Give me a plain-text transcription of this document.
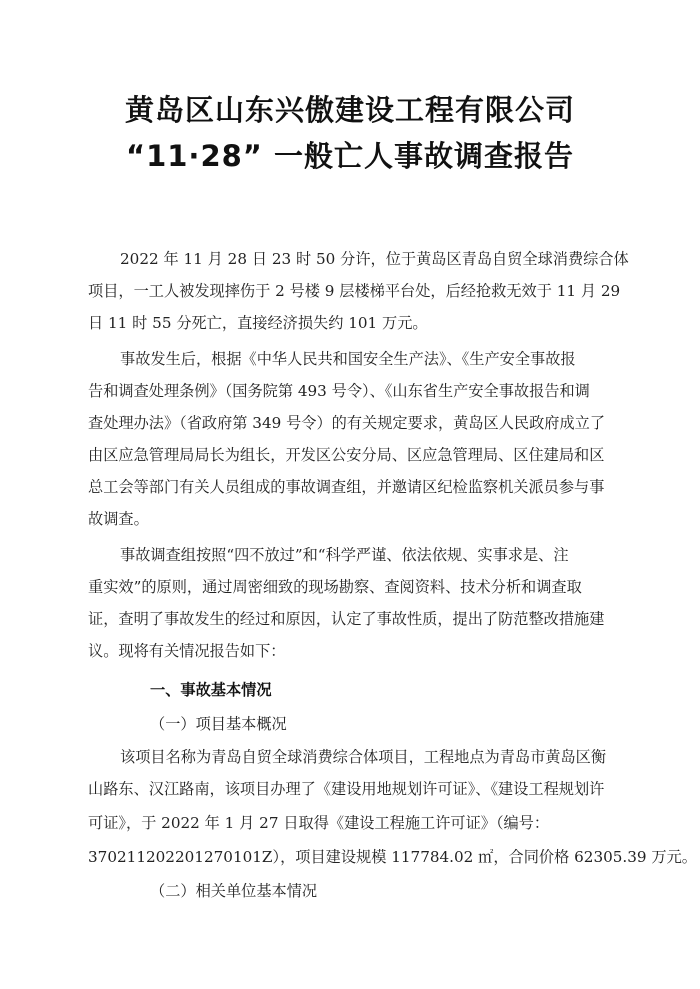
黄岛区山东兴傲建设工程有限公司
“11·28” 一般亡人事故调查报告
2022 年 11 月 28 日 23 时 50 分许，位于黄岛区青岛自贸全球消费综合体
项目，一工人被发现摔伤于 2 号楼 9 层楼梯平台处，后经抢救无效于 11 月 29
日 11 时 55 分死亡，直接经济损失约 101 万元。
事故发生后，根据《中华人民共和国安全生产法》、《生产安全事故报
告和调查处理条例》（国务院第 493 号令）、《山东省生产安全事故报告和调
查处理办法》（省政府第 349 号令）的有关规定要求，黄岛区人民政府成立了
由区应急管理局局长为组长，开发区公安分局、区应急管理局、区住建局和区
总工会等部门有关人员组成的事故调查组，并邀请区纪检监察机关派员参与事
故调查。
事故调查组按照“四不放过”和“科学严谨、依法依规、实事求是、注
重实效”的原则，通过周密细致的现场勘察、查阅资料、技术分析和调查取
证，查明了事故发生的经过和原因，认定了事故性质，提出了防范整改措施建
议。现将有关情况报告如下：
一、事故基本情况
（一）项目基本概况
该项目名称为青岛自贸全球消费综合体项目，工程地点为青岛市黄岛区衡
山路东、汉江路南，该项目办理了《建设用地规划许可证》、《建设工程规划许
可证》，于 2022 年 1 月 27 日取得《建设工程施工许可证》（编号：
370211202201270101Z），项目建设规模 117784.02 ㎡，合同价格 62305.39 万元。
（二）相关单位基本情况
